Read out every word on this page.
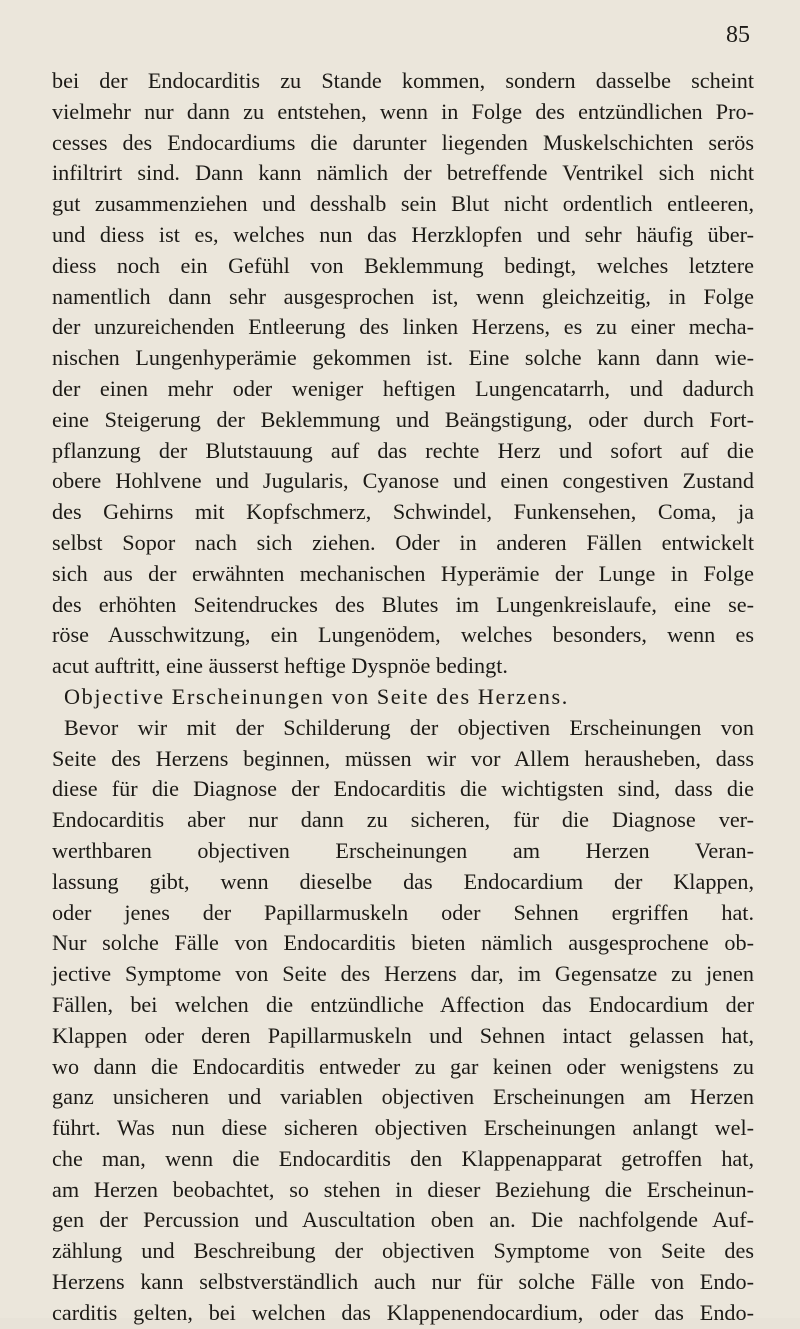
85
bei der Endocarditis zu Stande kommen, sondern dasselbe scheint
vielmehr nur dann zu entstehen, wenn in Folge des entzündlichen Pro-
cesses des Endocardiums die darunter liegenden Muskelschichten serös
infiltrirt sind. Dann kann nämlich der betreffende Ventrikel sich nicht
gut zusammenziehen und desshalb sein Blut nicht ordentlich entleeren,
und diess ist es, welches nun das Herzklopfen und sehr häufig über-
diess noch ein Gefühl von Beklemmung bedingt, welches letztere
namentlich dann sehr ausgesprochen ist, wenn gleichzeitig, in Folge
der unzureichenden Entleerung des linken Herzens, es zu einer mecha-
nischen Lungenhyperämie gekommen ist. Eine solche kann dann wie-
der einen mehr oder weniger heftigen Lungencatarrh, und dadurch
eine Steigerung der Beklemmung und Beängstigung, oder durch Fort-
pflanzung der Blutstauung auf das rechte Herz und sofort auf die
obere Hohlvene und Jugularis, Cyanose und einen congestiven Zustand
des Gehirns mit Kopfschmerz, Schwindel, Funkensehen, Coma, ja
selbst Sopor nach sich ziehen. Oder in anderen Fällen entwickelt
sich aus der erwähnten mechanischen Hyperämie der Lunge in Folge
des erhöhten Seitendruckes des Blutes im Lungenkreislaufe, eine se-
röse Ausschwitzung, ein Lungenödem, welches besonders, wenn es
acut auftritt, eine äusserst heftige Dyspnöe bedingt.
Objective Erscheinungen von Seite des Herzens.
Bevor wir mit der Schilderung der objectiven Erscheinungen von
Seite des Herzens beginnen, müssen wir vor Allem herausheben, dass
diese für die Diagnose der Endocarditis die wichtigsten sind, dass die
Endocarditis aber nur dann zu sicheren, für die Diagnose ver-
werthbaren objectiven Erscheinungen am Herzen Veran-
lassung gibt, wenn dieselbe das Endocardium der Klappen,
oder jenes der Papillarmuskeln oder Sehnen ergriffen hat.
Nur solche Fälle von Endocarditis bieten nämlich ausgesprochene ob-
jective Symptome von Seite des Herzens dar, im Gegensatze zu jenen
Fällen, bei welchen die entzündliche Affection das Endocardium der
Klappen oder deren Papillarmuskeln und Sehnen intact gelassen hat,
wo dann die Endocarditis entweder zu gar keinen oder wenigstens zu
ganz unsicheren und variablen objectiven Erscheinungen am Herzen
führt. Was nun diese sicheren objectiven Erscheinungen anlangt wel-
che man, wenn die Endocarditis den Klappenapparat getroffen hat,
am Herzen beobachtet, so stehen in dieser Beziehung die Erscheinun-
gen der Percussion und Auscultation oben an. Die nachfolgende Auf-
zählung und Beschreibung der objectiven Symptome von Seite des
Herzens kann selbstverständlich auch nur für solche Fälle von Endo-
carditis gelten, bei welchen das Klappenendocardium, oder das Endo-
